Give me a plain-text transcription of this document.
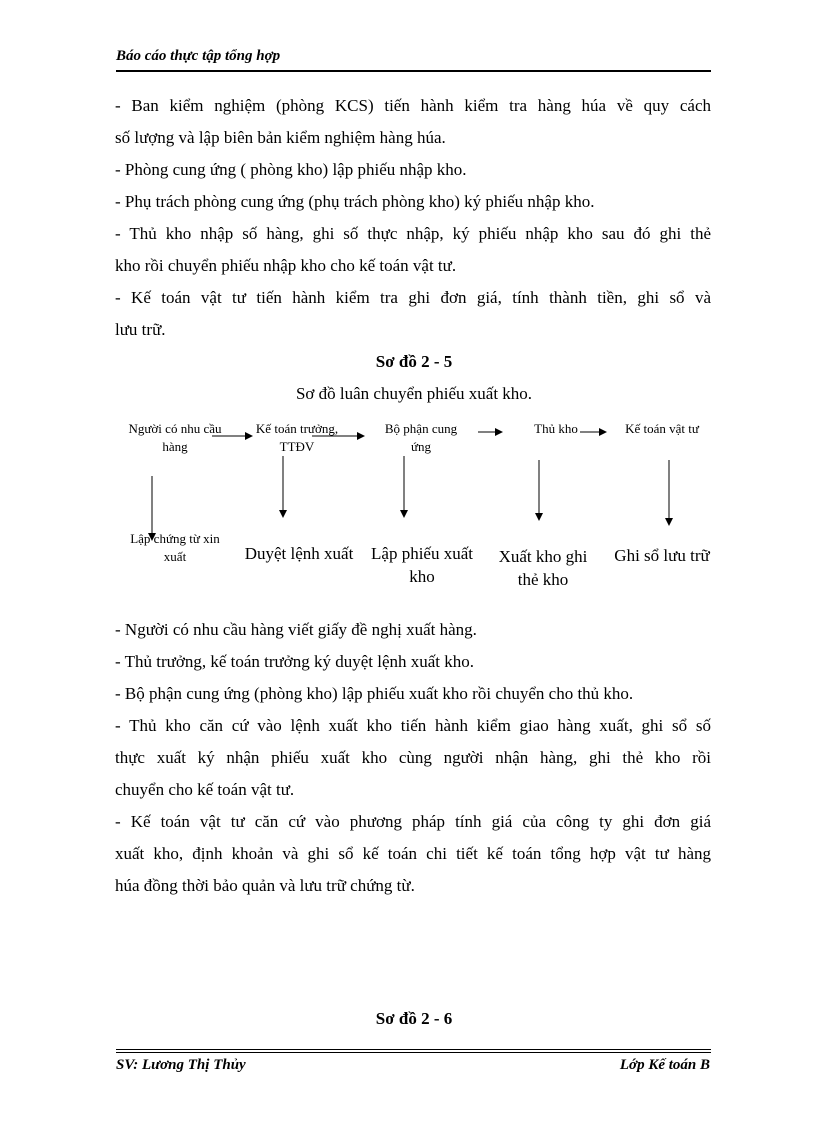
Báo cáo thực tập tổng hợp
- Ban kiểm nghiệm (phòng KCS) tiến hành kiểm tra hàng húa về quy cách
số lượng và lập biên bản kiểm nghiệm hàng húa.
- Phòng cung ứng ( phòng kho) lập phiếu nhập kho.
- Phụ trách phòng cung ứng (phụ trách phòng kho) ký phiếu nhập kho.
- Thủ kho nhập số hàng, ghi số thực nhập, ký phiếu nhập kho sau đó ghi thẻ
kho rồi chuyển phiếu nhập kho cho kế toán vật tư.
- Kế toán vật tư tiến hành kiểm tra ghi đơn giá, tính thành tiền, ghi sổ và
lưu trữ.
Sơ đồ 2 - 5
Sơ đồ luân chuyển phiếu xuất kho.
Người có nhu cầu
hàng
Kế toán trưởng,
TTĐV
Bộ phận cung
ứng
Thủ kho	Kế toán vật tư
Lập chứng từ xin
xuất	Duyệt lệnh xuất	Lập phiếu xuất
kho
Xuất kho ghi
thẻ kho
Ghi sổ lưu trữ
- Người có nhu cầu hàng viết giấy đề nghị xuất hàng.
- Thủ trưởng, kế toán trưởng ký duyệt lệnh xuất kho.
- Bộ phận cung ứng (phòng kho) lập phiếu xuất kho rồi chuyển cho thủ kho.
- Thủ kho căn cứ vào lệnh xuất kho tiến hành kiểm giao hàng xuất, ghi sổ số
thực xuất ký nhận phiếu xuất kho cùng người nhận hàng, ghi thẻ kho rồi
chuyển cho kế toán vật tư.
- Kế toán vật tư căn cứ vào phương pháp tính giá của công ty ghi đơn giá
xuất kho, định khoản và ghi sổ kế toán chi tiết kế toán tổng hợp vật tư hàng
húa đồng thời bảo quản và lưu trữ chứng từ.
Sơ đồ 2 - 6
SV: Lương Thị Thủy	Lớp Kế toán B
